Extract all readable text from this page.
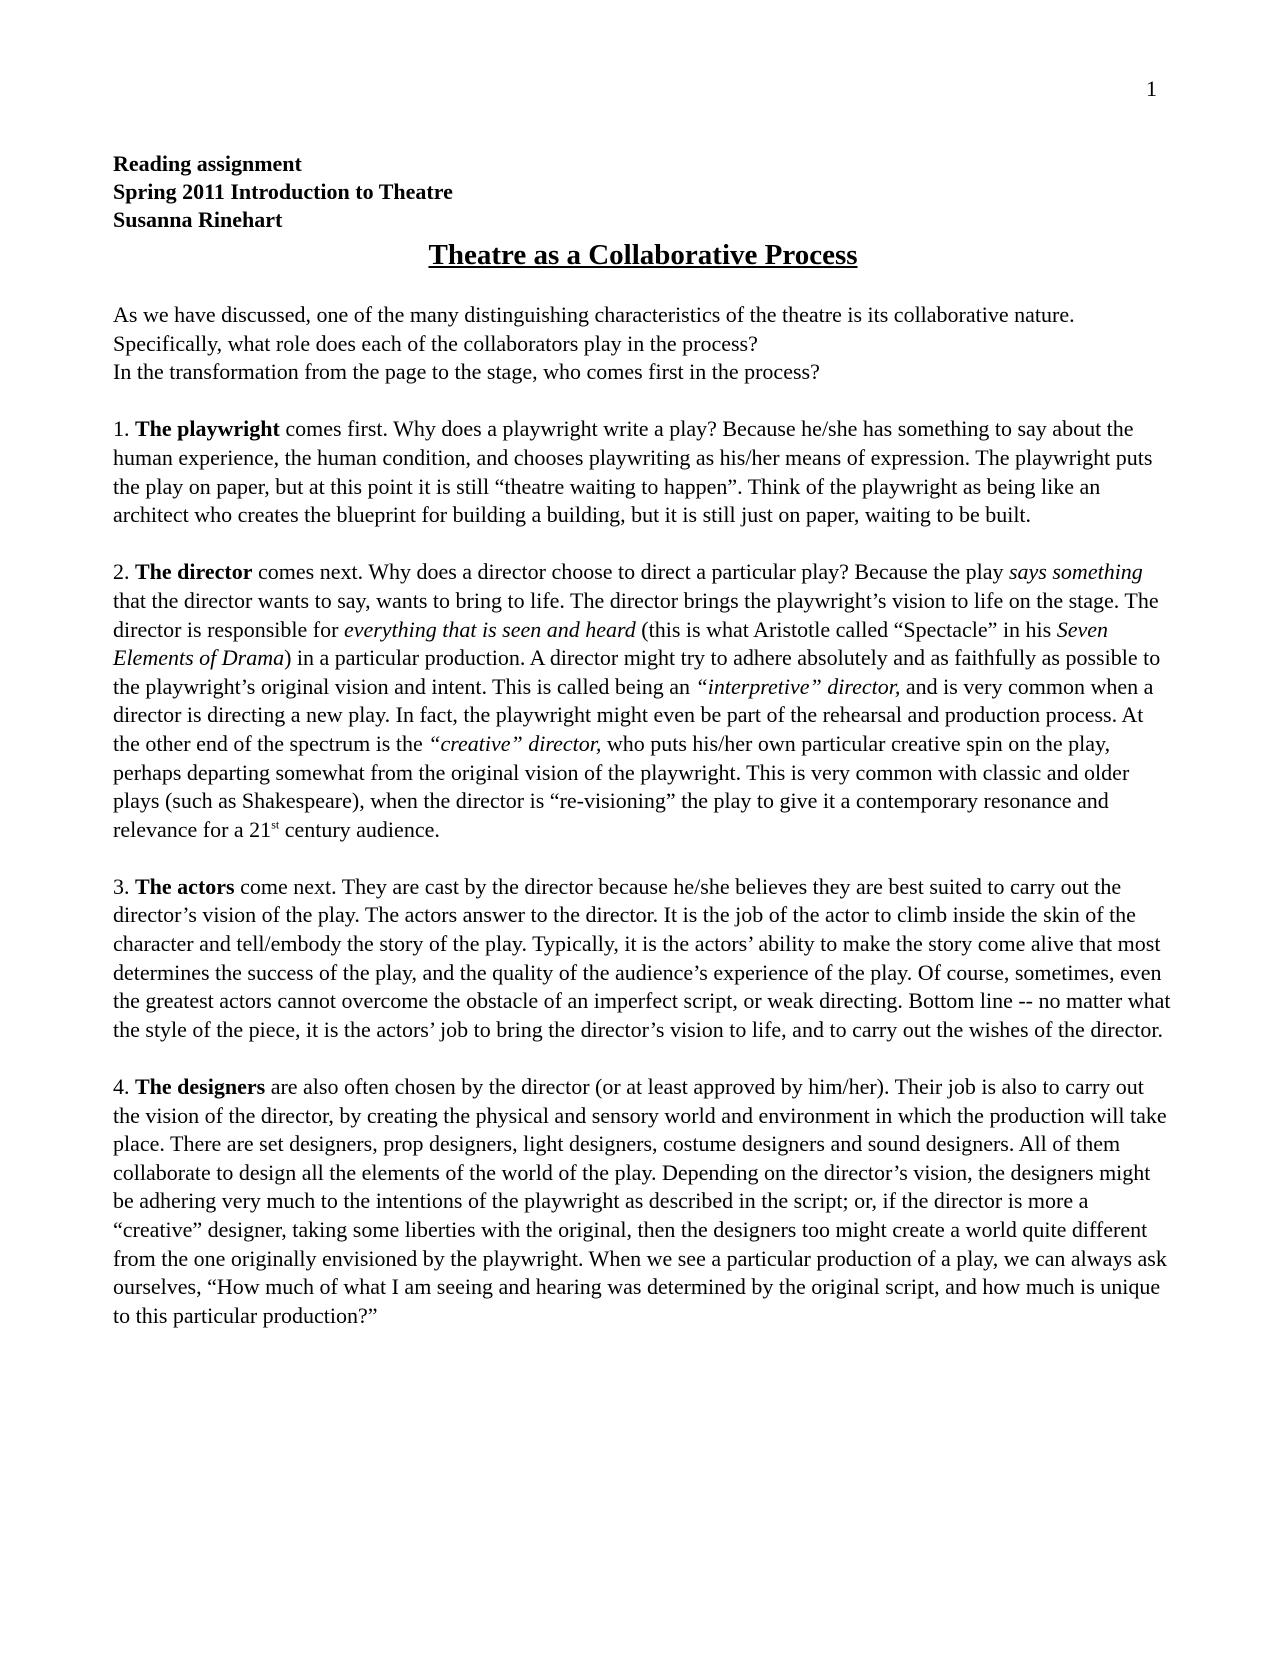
1

Reading assignment

Spring 2011 Introduction to Theatre

Susanna Rinehart

Theatre as a Collaborative Process

As we have discussed, one of the many distinguishing characteristics of the theatre is its collaborative nature.

Specifically, what role does each of the collaborators play in the process?

In the transformation from the page to the stage, who comes first in the process?

1. The playwright comes first. Why does a playwright write a play? Because he/she has something to say about the human experience, the human condition, and chooses playwriting as his/her means of expression. The playwright puts the play on paper, but at this point it is still “theatre waiting to happen”. Think of the playwright as being like an architect who creates the blueprint for building a building, but it is still just on paper, waiting to be built.

2. The director comes next. Why does a director choose to direct a particular play? Because the play says something that the director wants to say, wants to bring to life. The director brings the playwright’s vision to life on the stage. The director is responsible for everything that is seen and heard (this is what Aristotle called “Spectacle” in his Seven Elements of Drama) in a particular production. A director might try to adhere absolutely and as faithfully as possible to the playwright’s original vision and intent. This is called being an “interpretive” director, and is very common when a director is directing a new play. In fact, the playwright might even be part of the rehearsal and production process. At the other end of the spectrum is the “creative” director, who puts his/her own particular creative spin on the play, perhaps departing somewhat from the original vision of the playwright. This is very common with classic and older plays (such as Shakespeare), when the director is “re-visioning” the play to give it a contemporary resonance and relevance for a 21st century audience.

3. The actors come next. They are cast by the director because he/she believes they are best suited to carry out the director’s vision of the play. The actors answer to the director. It is the job of the actor to climb inside the skin of the character and tell/embody the story of the play. Typically, it is the actors’ ability to make the story come alive that most determines the success of the play, and the quality of the audience’s experience of the play. Of course, sometimes, even the greatest actors cannot overcome the obstacle of an imperfect script, or weak directing. Bottom line -- no matter what the style of the piece, it is the actors’ job to bring the director’s vision to life, and to carry out the wishes of the director.

4. The designers are also often chosen by the director (or at least approved by him/her). Their job is also to carry out the vision of the director, by creating the physical and sensory world and environment in which the production will take place. There are set designers, prop designers, light designers, costume designers and sound designers. All of them collaborate to design all the elements of the world of the play. Depending on the director’s vision, the designers might be adhering very much to the intentions of the playwright as described in the script; or, if the director is more a “creative” designer, taking some liberties with the original, then the designers too might create a world quite different from the one originally envisioned by the playwright. When we see a particular production of a play, we can always ask ourselves, “How much of what I am seeing and hearing was determined by the original script, and how much is unique to this particular production?”
